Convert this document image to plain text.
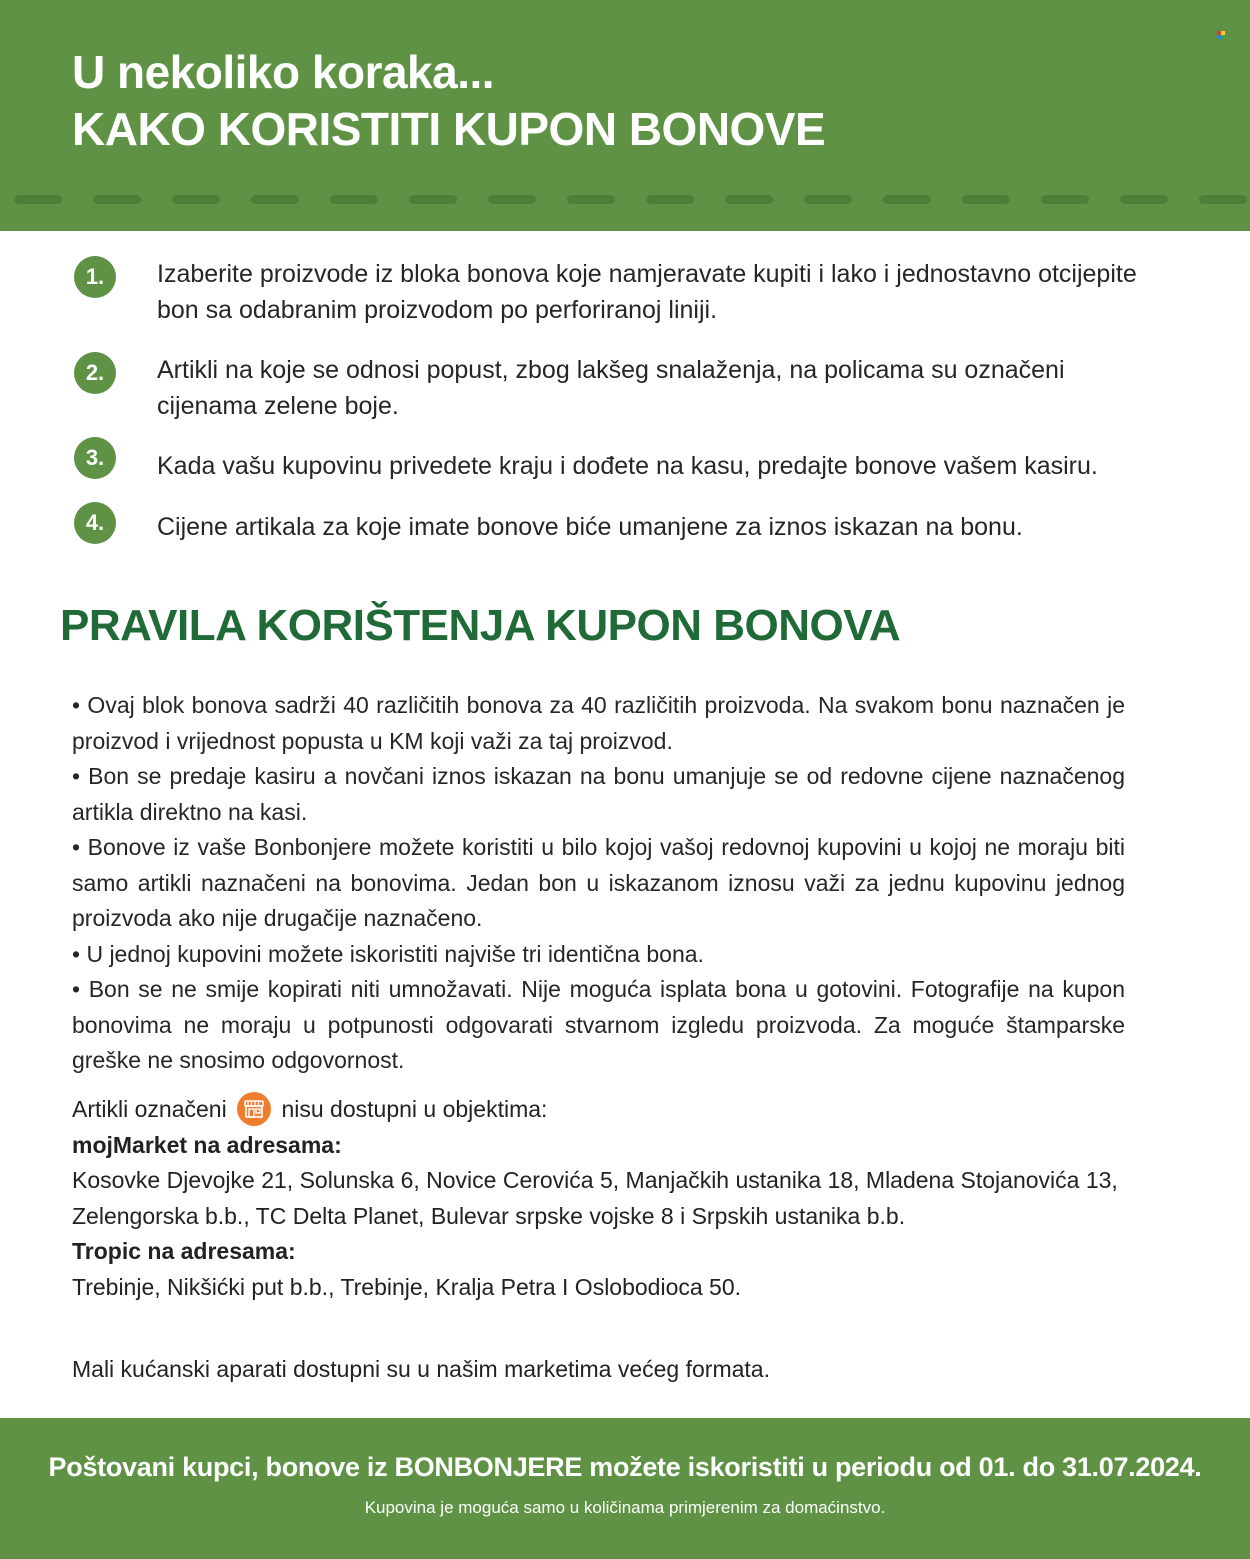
U nekoliko koraka...
KAKO KORISTITI KUPON BONOVE
1.	Izaberite proizvode iz bloka bonova koje namjeravate kupiti i lako i jednostavno otcijepite bon sa odabranim proizvodom po perforiranoj liniji.

2.	Artikli na koje se odnosi popust, zbog lakšeg snalaženja, na policama su označeni cijenama zelene boje.

3.	Kada vašu kupovinu privedete kraju i dođete na kasu, predajte bonove vašem kasiru.

4.	Cijene artikala za koje imate bonove biće umanjene za iznos iskazan na bonu.

PRAVILA KORIŠTENJA KUPON BONOVA

• Ovaj blok bonova sadrži 40 različitih bonova za 40 različitih proizvoda. Na svakom bonu naznačen je proizvod i vrijednost popusta u KM koji važi za taj proizvod.

• Bon se predaje kasiru a novčani iznos iskazan na bonu umanjuje se od redovne cijene naznačenog artikla direktno na kasi.

• Bonove iz vaše Bonbonjere možete koristiti u bilo kojoj vašoj redovnoj kupovini u kojoj ne moraju biti samo artikli naznačeni na bonovima. Jedan bon u iskazanom iznosu važi za jednu kupovinu jednog proizvoda ako nije drugačije naznačeno.

• U jednoj kupovini možete iskoristiti najviše tri identična bona.

• Bon se ne smije kopirati niti umnožavati. Nije moguća isplata bona u gotovini. Fotografije na kupon bonovima ne moraju u potpunosti odgovarati stvarnom izgledu proizvoda. Za moguće štamparske greške ne snosimo odgovornost.

Artikli označeni nisu dostupni u objektima:
mojMarket na adresama:
Kosovke Djevojke 21, Solunska 6, Novice Cerovića 5, Manjačkih ustanika 18, Mladena Stojanovića 13,
Zelengorska b.b., TC Delta Planet, Bulevar srpske vojske 8 i Srpskih ustanika b.b.
Tropic na adresama:
Trebinje, Nikšićki put b.b., Trebinje, Kralja Petra I Oslobodioca 50.
Mali kućanski aparati dostupni su u našim marketima većeg formata.
Poštovani kupci, bonove iz BONBONJERE možete iskoristiti u periodu od 01. do 31.07.2024.
Kupovina je moguća samo u količinama primjerenim za domaćinstvo.
